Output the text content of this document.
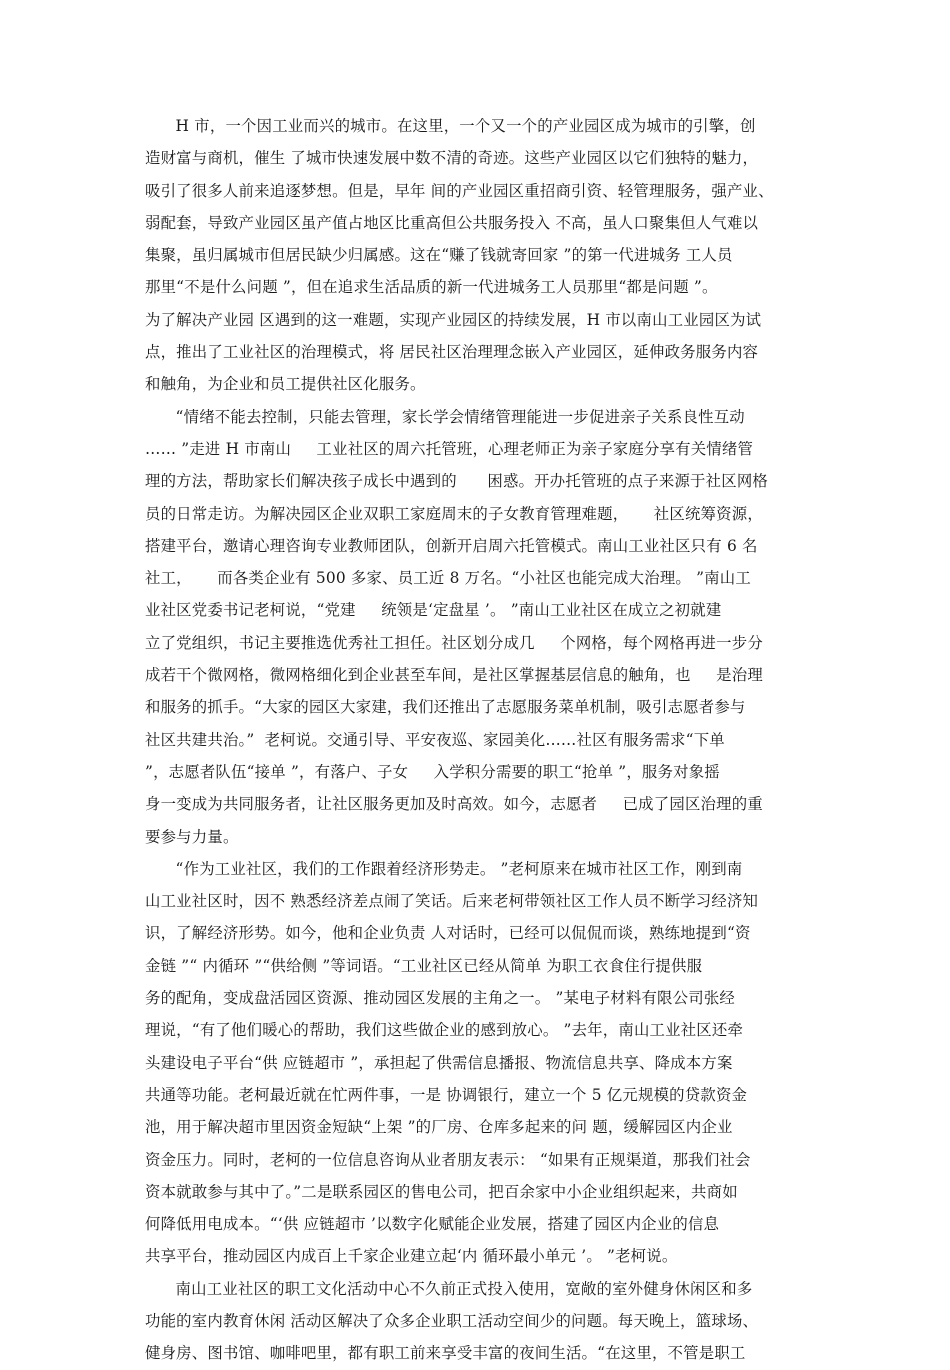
H 市，一个因工业而兴的城市。在这里，一个又一个的产业园区成为城市的引擎，创
造财富与商机，催生 了城市快速发展中数不清的奇迹。这些产业园区以它们独特的魅力，
吸引了很多人前来追逐梦想。但是，早年 间的产业园区重招商引资、轻管理服务，强产业、
弱配套，导致产业园区虽产值占地区比重高但公共服务投入 不高，虽人口聚集但人气难以
集聚，虽归属城市但居民缺少归属感。这在“赚了钱就寄回家 ”的第一代进城务 工人员
那里“不是什么问题 ”，但在追求生活品质的新一代进城务工人员那里“都是问题 ”。
为了解决产业园 区遇到的这一难题，实现产业园区的持续发展，H 市以南山工业园区为试
点，推出了工业社区的治理模式，将 居民社区治理理念嵌入产业园区，延伸政务服务内容
和触角，为企业和员工提供社区化服务。
“情绪不能去控制，只能去管理，家长学会情绪管理能进一步促进亲子关系良性互动
…… ”走进 H 市南山     工业社区的周六托管班，心理老师正为亲子家庭分享有关情绪管
理的方法，帮助家长们解决孩子成长中遇到的      困惑。开办托管班的点子来源于社区网格
员的日常走访。为解决园区企业双职工家庭周末的子女教育管理难题，     社区统筹资源，
搭建平台，邀请心理咨询专业教师团队，创新开启周六托管模式。南山工业社区只有 6 名
社工，     而各类企业有 500 多家、员工近 8 万名。“小社区也能完成大治理。 ”南山工
业社区党委书记老柯说，“党建     统领是‘定盘星 ’。 ”南山工业社区在成立之初就建
立了党组织，书记主要推选优秀社工担任。社区划分成几     个网格，每个网格再进一步分
成若干个微网格，微网格细化到企业甚至车间，是社区掌握基层信息的触角，也     是治理
和服务的抓手。“大家的园区大家建，我们还推出了志愿服务菜单机制，吸引志愿者参与
社区共建共治。”  老柯说。交通引导、平安夜巡、家园美化……社区有服务需求“下单
”，志愿者队伍“接单 ”，有落户、子女     入学积分需要的职工“抢单 ”，服务对象摇
身一变成为共同服务者，让社区服务更加及时高效。如今，志愿者     已成了园区治理的重
要参与力量。
“作为工业社区，我们的工作跟着经济形势走。 ”老柯原来在城市社区工作，刚到南
山工业社区时，因不 熟悉经济差点闹了笑话。后来老柯带领社区工作人员不断学习经济知
识，了解经济形势。如今，他和企业负责 人对话时，已经可以侃侃而谈，熟练地提到“资
金链 ”“ 内循环 ”“供给侧 ”等词语。“工业社区已经从简单 为职工衣食住行提供服
务的配角，变成盘活园区资源、推动园区发展的主角之一。 ”某电子材料有限公司张经
理说，“有了他们暖心的帮助，我们这些做企业的感到放心。 ”去年，南山工业社区还牵
头建设电子平台“供 应链超市 ”，承担起了供需信息播报、物流信息共享、降成本方案
共通等功能。老柯最近就在忙两件事，一是 协调银行，建立一个 5 亿元规模的贷款资金
池，用于解决超市里因资金短缺“上架 ”的厂房、仓库多起来的问 题，缓解园区内企业
资金压力。同时，老柯的一位信息咨询从业者朋友表示： “如果有正规渠道，那我们社会
资本就敢参与其中了。”二是联系园区的售电公司，把百余家中小企业组织起来，共商如
何降低用电成本。“‘供 应链超市 ’以数字化赋能企业发展，搭建了园区内企业的信息
共享平台，推动园区内成百上千家企业建立起‘内 循环最小单元 ’。 ”老柯说。
南山工业社区的职工文化活动中心不久前正式投入使用，宽敞的室外健身休闲区和多
功能的室内教育休闲 活动区解决了众多企业职工活动空间少的问题。每天晚上，篮球场、
健身房、图书馆、咖啡吧里，都有职工前来享受丰富的夜间生活。“在这里，不管是职工
